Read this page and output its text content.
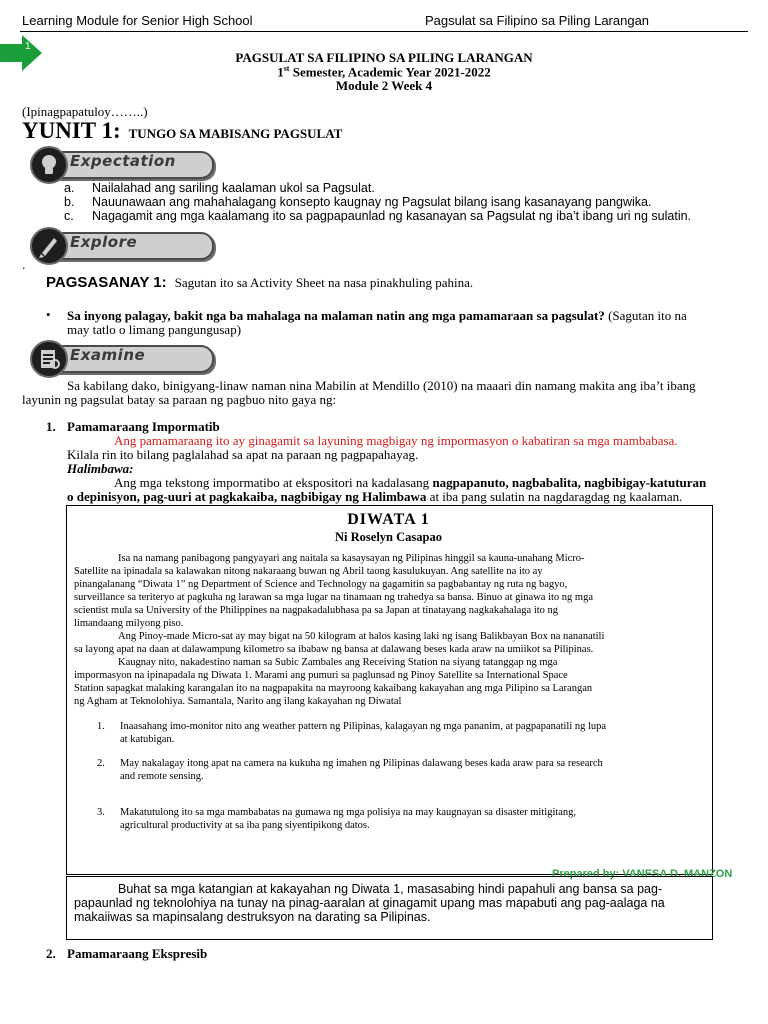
Learning Module for Senior High School	Pagsulat sa Filipino sa Piling Larangan
1
PAGSULAT SA FILIPINO SA PILING LARANGAN
1st Semester, Academic Year 2021-2022
Module 2 Week 4
(Ipinagpapatuloy……..)
YUNIT 1: TUNGO SA MABISANG PAGSULAT
Expectation
a. Nailalahad ang sariling kaalaman ukol sa Pagsulat.
b. Nauunawaan ang mahahalagang konsepto kaugnay ng Pagsulat bilang isang kasanayang pangwika.
c. Nagagamit ang mga kaalamang ito sa pagpapaunlad ng kasanayan sa Pagsulat ng iba’t ibang uri ng sulatin.
Explore
.
PAGSASANAY 1: Sagutan ito sa Activity Sheet na nasa pinakhuling pahina.
• Sa inyong palagay, bakit nga ba mahalaga na malaman natin ang mga pamamaraan sa pagsulat? (Sagutan ito na
may tatlo o limang pangungusap)
Examine
Sa kabilang dako, binigyang-linaw naman nina Mabilin at Mendillo (2010) na maaari din namang makita ang iba’t ibang
layunin ng pagsulat batay sa paraan ng pagbuo nito gaya ng:
1. Pamamaraang Impormatib
Ang pamamaraang ito ay ginagamit sa layuning magbigay ng impormasyon o kabatiran sa mga mambabasa.
Kilala rin ito bilang paglalahad sa apat na paraan ng pagpapahayag.
Halimbawa:
Ang mga tekstong impormatibo at ekspositori na kadalasang nagpapanuto, nagbabalita, nagbibigay-katuturan
o depinisyon, pag-uuri at pagkakaiba, nagbibigay ng Halimbawa at iba pang sulatin na nagdaragdag ng kaalaman.
DIWATA 1
Ni Roselyn Casapao
Isa na namang panibagong pangyayari ang naitala sa kasaysayan ng Pilipinas hinggil sa kauna-unahang Micro-
Satellite na ipinadala sa kalawakan nitong nakaraang buwan ng Abril taong kasulukuyan. Ang satellite na ito ay
pinangalanang “Diwata 1” ng Department of Science and Technology na gagamitin sa pagbabantay ng ruta ng bagyo,
surveillance sa teriteryo at pagkuha ng larawan sa mga lugar na tinamaan ng trahedya sa bansa. Binuo at ginawa ito ng mga
scientist mula sa University of the Philippines na nagpakadalubhasa pa sa Japan at tinatayang nagkakahalaga ito ng
limandaang milyong piso.
Ang Pinoy-made Micro-sat ay may bigat na 50 kilogram at halos kasing laki ng isang Balikbayan Box na nananatili
sa layong apat na daan at dalawampung kilometro sa ibabaw ng bansa at dalawang beses kada araw na umiikot sa Pilipinas.
Kaugnay nito, nakadestino naman sa Subic Zambales ang Receiving Station na siyang tatanggap ng mga
impormasyon na ipinapadala ng Diwata 1. Marami ang pumuri sa paglunsad ng Pinoy Satellite sa International Space
Station sapagkat malaking karangalan ito na nagpapakita na mayroong kakaibang kakayahan ang mga Pilipino sa Larangan
ng Agham at Teknolohiya. Samantala, Narito ang ilang kakayahan ng Diwatal
1. Inaasahang imo-monitor nito ang weather pattern ng Pilipinas, kalagayan ng mga pananim, at pagpapanatili ng lupa
at katubigan.
2. May nakalagay itong apat na camera na kukuha ng imahen ng Pilipinas dalawang beses kada araw para sa research
and remote sensing.
3. Makatutulong ito sa mga mambabatas na gumawa ng mga polisiya na may kaugnayan sa disaster mitigitang,
agricultural productivity at sa iba pang siyentipikong datos.
Prepared by: VANESA D. MANZON
Buhat sa mga katangian at kakayahan ng Diwata 1, masasabing hindi papahuli ang bansa sa pag-
papaunlad ng teknolohiya na tunay na pinag-aaralan at ginagamit upang mas mapabuti ang pag-aalaga na
makaiiwas sa mapinsalang destruksyon na darating sa Pilipinas.
2. Pamamaraang Ekspresib
